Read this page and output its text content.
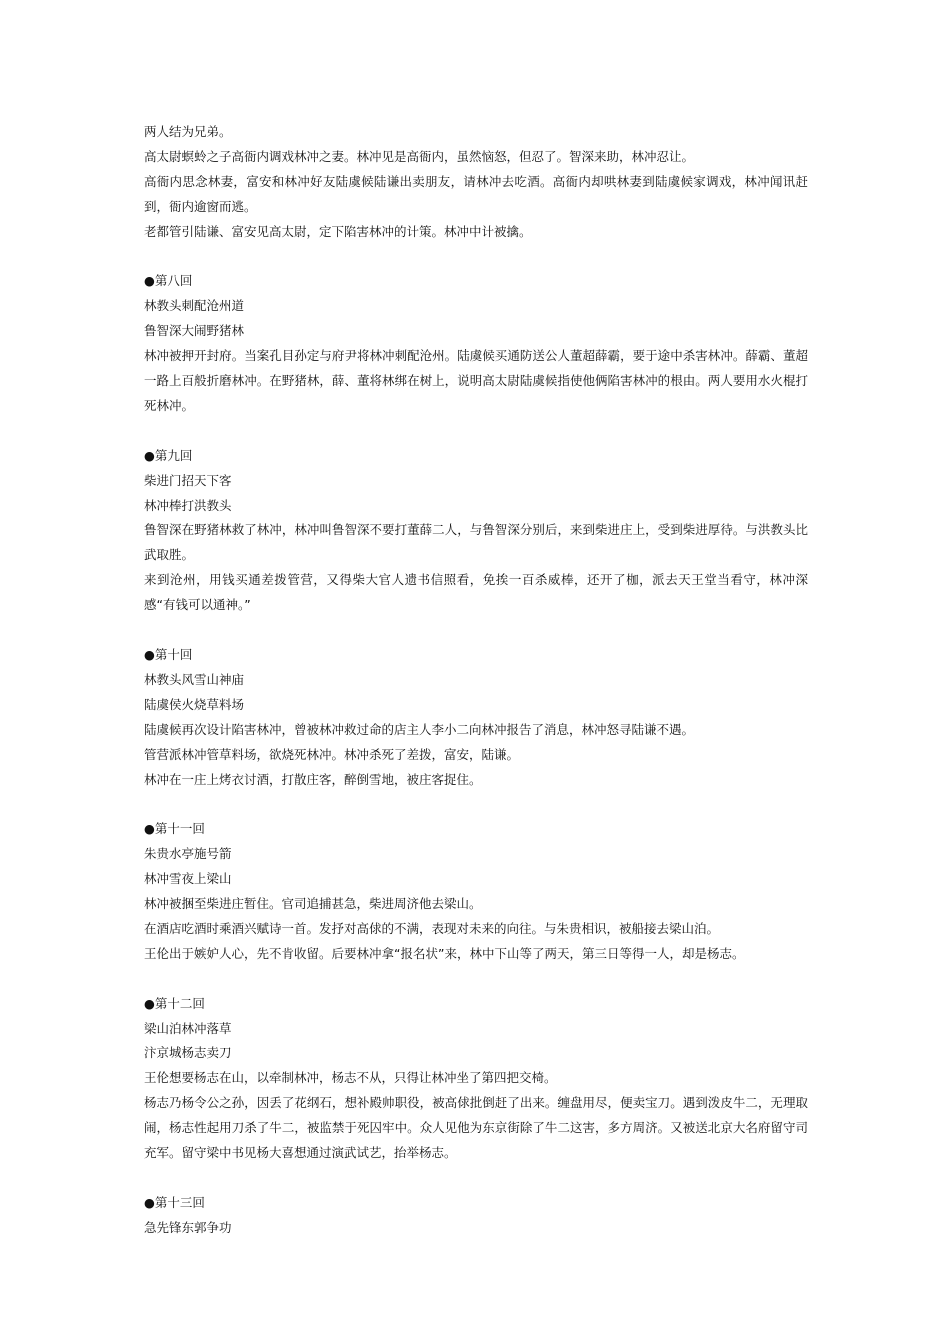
两人结为兄弟。

高太尉螟蛉之子高衙内调戏林冲之妻。林冲见是高衙内，虽然恼怒，但忍了。智深来助，林冲忍让。

高衙内思念林妻，富安和林冲好友陆虞候陆谦出卖朋友，请林冲去吃酒。高衙内却哄林妻到陆虞候家调戏，林冲闻讯赶到，衙内逾窗而逃。

老都管引陆谦、富安见高太尉，定下陷害林冲的计策。林冲中计被擒。

●第八回

林教头刺配沧州道

鲁智深大闹野猪林

林冲被押开封府。当案孔目孙定与府尹将林冲刺配沧州。陆虞候买通防送公人董超薛霸，要于途中杀害林冲。薛霸、董超一路上百般折磨林冲。在野猪林，薛、董将林绑在树上，说明高太尉陆虞候指使他俩陷害林冲的根由。两人要用水火棍打死林冲。

●第九回

柴进门招天下客

林冲棒打洪教头

鲁智深在野猪林救了林冲，林冲叫鲁智深不要打董薛二人，与鲁智深分别后，来到柴进庄上，受到柴进厚待。与洪教头比武取胜。

来到沧州，用钱买通差拨管营，又得柴大官人遗书信照看，免挨一百杀威棒，还开了枷，派去天王堂当看守，林冲深感“有钱可以通神。”

●第十回

林教头风雪山神庙

陆虞侯火烧草料场

陆虞候再次设计陷害林冲，曾被林冲救过命的店主人李小二向林冲报告了消息，林冲怒寻陆谦不遇。

管营派林冲管草料场，欲烧死林冲。林冲杀死了差拨，富安，陆谦。

林冲在一庄上烤衣讨酒，打散庄客，醉倒雪地，被庄客捉住。

●第十一回

朱贵水亭施号箭

林冲雪夜上梁山

林冲被捆至柴进庄暂住。官司追捕甚急，柴进周济他去梁山。

在酒店吃酒时乘酒兴赋诗一首。发抒对高俅的不满，表现对未来的向往。与朱贵相识，被船接去梁山泊。

王伦出于嫉妒人心，先不肯收留。后要林冲拿“报名状”来，林中下山等了两天，第三日等得一人，却是杨志。

●第十二回

梁山泊林冲落草

汴京城杨志卖刀

王伦想要杨志在山，以牵制林冲，杨志不从，只得让林冲坐了第四把交椅。

杨志乃杨令公之孙，因丢了花纲石，想补殿帅职役，被高俅批倒赶了出来。缠盘用尽，便卖宝刀。遇到泼皮牛二，无理取闹，杨志性起用刀杀了牛二，被监禁于死囚牢中。众人见他为东京街除了牛二这害，多方周济。又被送北京大名府留守司充军。留守梁中书见杨大喜想通过演武试艺，抬举杨志。

●第十三回

急先锋东郭争功
